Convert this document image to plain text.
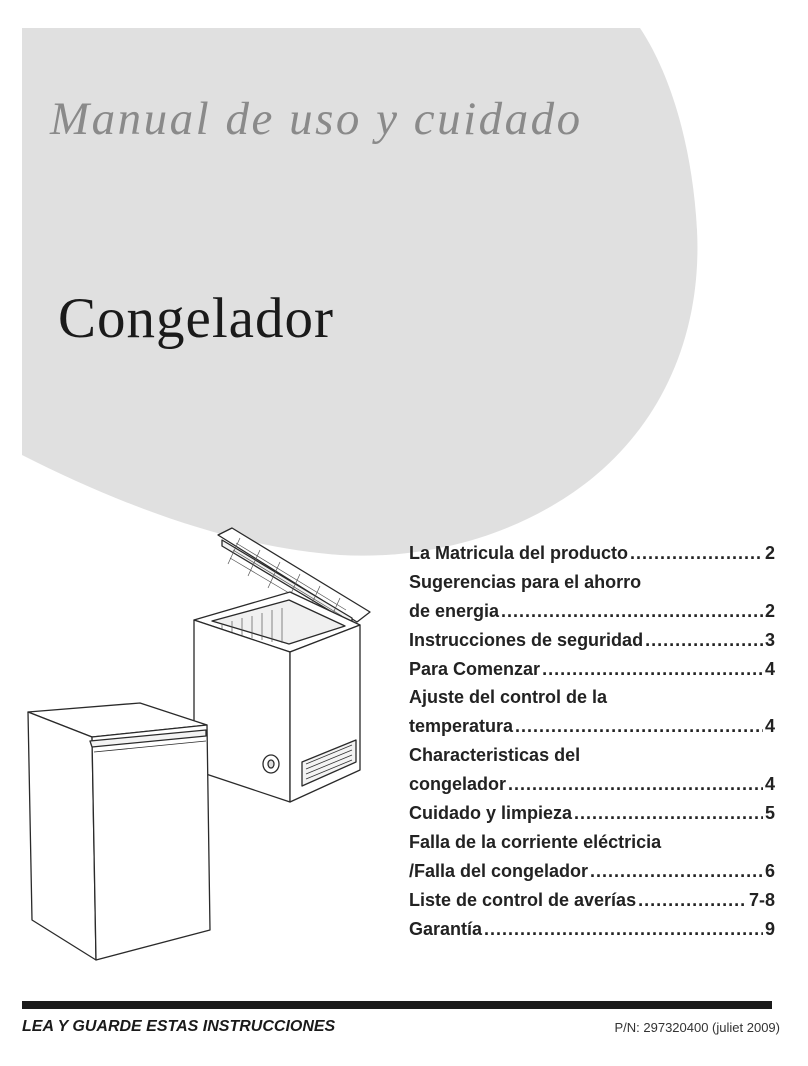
Manual de uso y cuidado
Congelador
La Matricula del producto .....	2
Sugerencias para el ahorro
de energia .....	2
Instrucciones de seguridad .....	3
Para Comenzar .....	4
Ajuste del control de la
temperatura .....	4
Characteristicas del
congelador .....	4
Cuidado y limpieza .....	5
Falla de la corriente eléctricia
/Falla del congelador .....	6
Liste de control de averías .....	7-8
Garantía .....	9

LEA Y GUARDE ESTAS INSTRUCCIONES	P/N: 297320400 (juliet 2009)
